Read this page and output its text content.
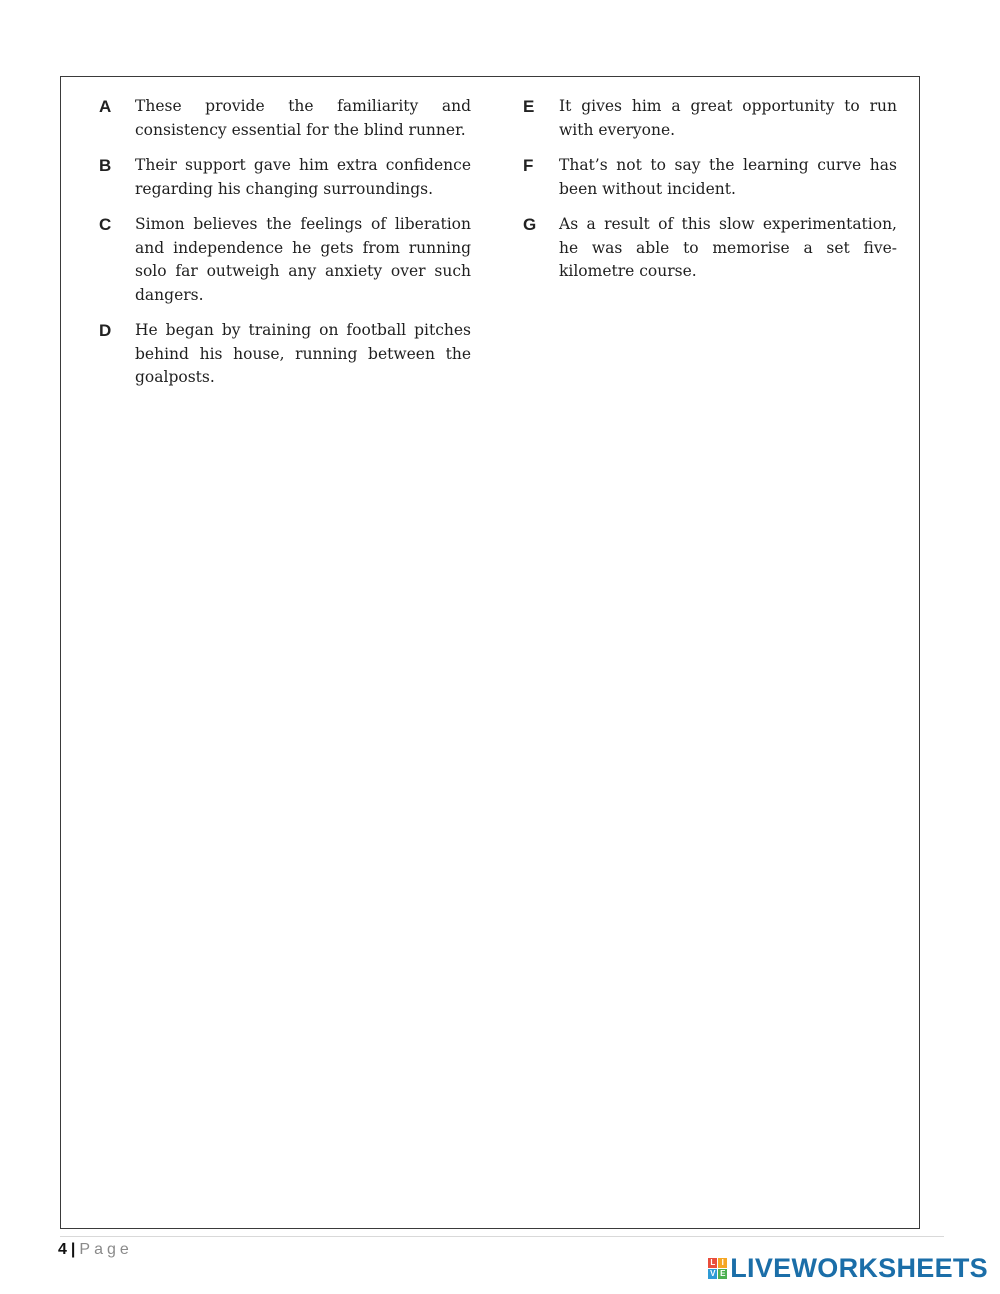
A These provide the familiarity and consistency essential for the blind runner.
B Their support gave him extra confidence regarding his changing surroundings.
C Simon believes the feelings of liberation and independence he gets from running solo far outweigh any anxiety over such dangers.
D He began by training on football pitches behind his house, running between the goalposts.
E It gives him a great opportunity to run with everyone.
F That’s not to say the learning curve has been without incident.
G As a result of this slow experimentation, he was able to memorise a set five-kilometre course.
4 | Page
L I
V E LIVEWORKSHEETS
